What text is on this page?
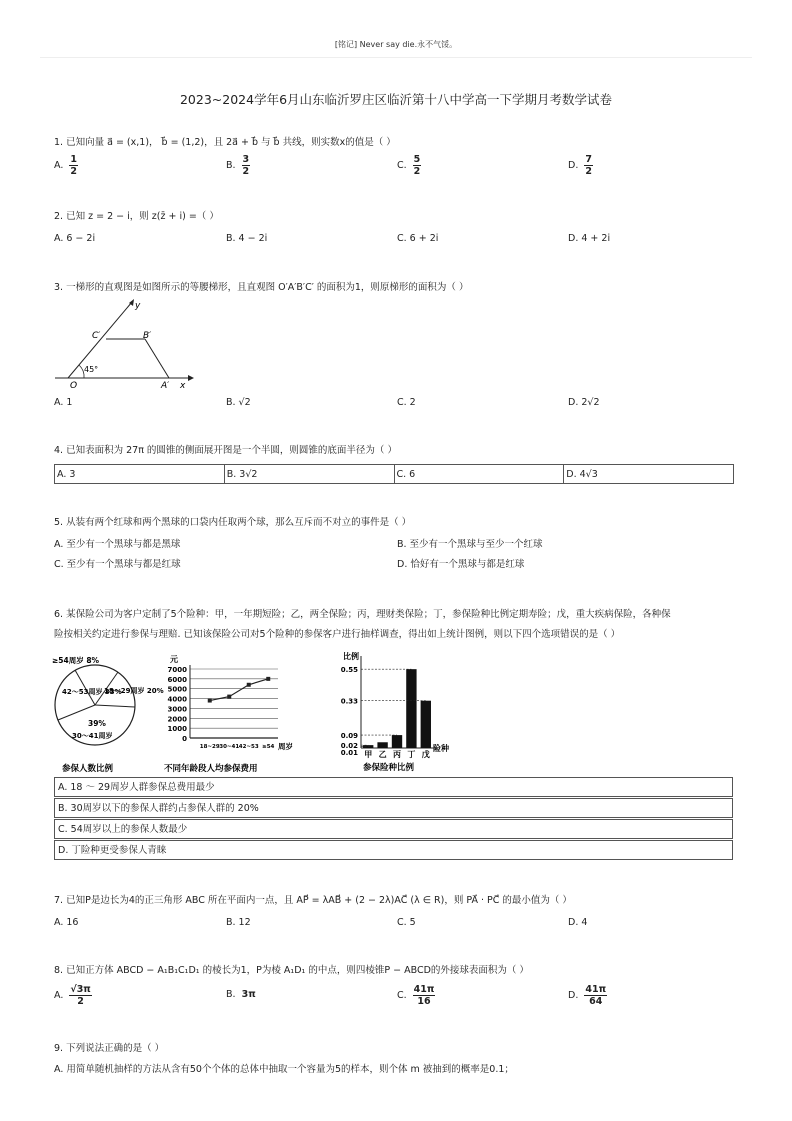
[铭记] Never say die.永不气馁。
2023~2024学年6月山东临沂罗庄区临沂第十八中学高一下学期月考数学试卷
1. 已知向量 a⃗ = (x,1)， b⃗ = (1,2)，且 2a⃗ + b⃗ 与 b⃗ 共线，则实数x的值是（ ）
A. $\frac{1}{2}$	B. $\frac{3}{2}$	C. $\frac{5}{2}$	D. $\frac{7}{2}$
2. 已知 z = 2 − i，则 z(z̄ + i) =（ ）
A. 6 − 2i	B. 4 − 2i	C. 6 + 2i	D. 4 + 2i
3. 一梯形的直观图是如图所示的等腰梯形，且直观图 O′A′B′C′ 的面积为1，则原梯形的面积为（ ）
y
x
O	A′
B′
C′
45°
A. 1	B. √2	C. 2	D. 2√2
4. 已知表面积为 27π 的圆锥的侧面展开图是一个半圆，则圆锥的底面半径为（ ）
A. 3	B. 3√2	C. 6	D. 4√3
5. 从装有两个红球和两个黑球的口袋内任取两个球，那么互斥而不对立的事件是（ ）
A. 至少有一个黑球与都是黑球	B. 至少有一个黑球与至少一个红球
C. 至少有一个黑球与都是红球	D. 恰好有一个黑球与都是红球
6. 某保险公司为客户定制了5个险种：甲，一年期短险；乙，两全保险；丙，理财类保险；丁，参保险种比例定期寿险；戊，重大疾病保险，各种保
险按相关约定进行参保与理赔. 已知该保险公司对5个险种的参保客户进行抽样调查，得出如上统计图例，则以下四个选项错误的是（ ）
≥54周岁 8%
42～53周岁 33%
18～29周岁 20%
39%
30～41周岁
参保人数比例
元
周岁
不同年龄段人均参保费用
0
1000
2000
3000
4000
5000
6000
7000
18~29 30~41 42~53 ≥54
比例
险种
参保险种比例
甲 乙 丙 丁 戊
0.55
0.33
0.09
0.02
0.01
A. 18 ～ 29周岁人群参保总费用最少
B. 30周岁以下的参保人群约占参保人群的 20%
C. 54周岁以上的参保人数最少
D. 丁险种更受参保人青睐
7. 已知P是边长为4的正三角形 ABC 所在平面内一点，且 AP⃗ = λAB⃗ + (2 − 2λ)AC⃗ (λ ∈ R)，则 PA⃗ · PC⃗ 的最小值为（ ）
A. 16	B. 12	C. 5	D. 4
8. 已知正方体 ABCD − A₁B₁C₁D₁ 的棱长为1，P为棱 A₁D₁ 的中点，则四棱锥P − ABCD的外接球表面积为（ ）
A. $\frac{√3\pi}{2}$	B. 3π	C. $\frac{41\pi}{16}$	D. $\frac{41\pi}{64}$
9. 下列说法正确的是（ ）
A. 用简单随机抽样的方法从含有50个个体的总体中抽取一个容量为5的样本，则个体 m 被抽到的概率是0.1；
